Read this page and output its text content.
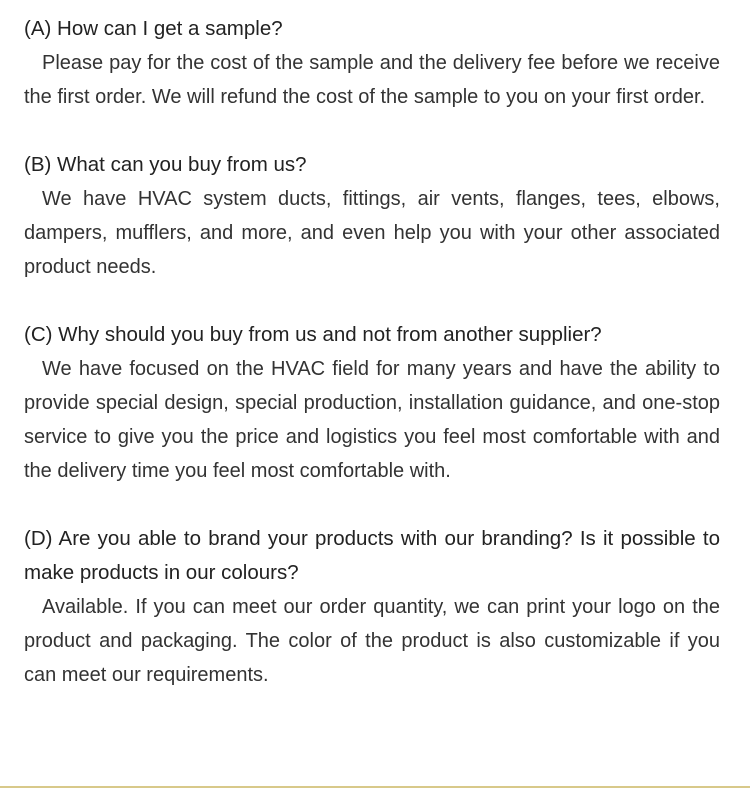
(A) How can I get a sample?

Please pay for the cost of the sample and the delivery fee before we receive the first order. We will refund the cost of the sample to you on your first order.

(B) What can you buy from us?

We have HVAC system ducts, fittings, air vents, flanges, tees, elbows, dampers, mufflers, and more, and even help you with your other associated product needs.

(C) Why should you buy from us and not from another supplier?

We have focused on the HVAC field for many years and have the ability to provide special design, special production, installation guidance, and one-stop service to give you the price and logistics you feel most comfortable with and the delivery time you feel most comfortable with.

(D) Are you able to brand your products with our branding? Is it possible to make products in our colours?

Available. If you can meet our order quantity, we can print your logo on the product and packaging. The color of the product is also customizable if you can meet our requirements.
